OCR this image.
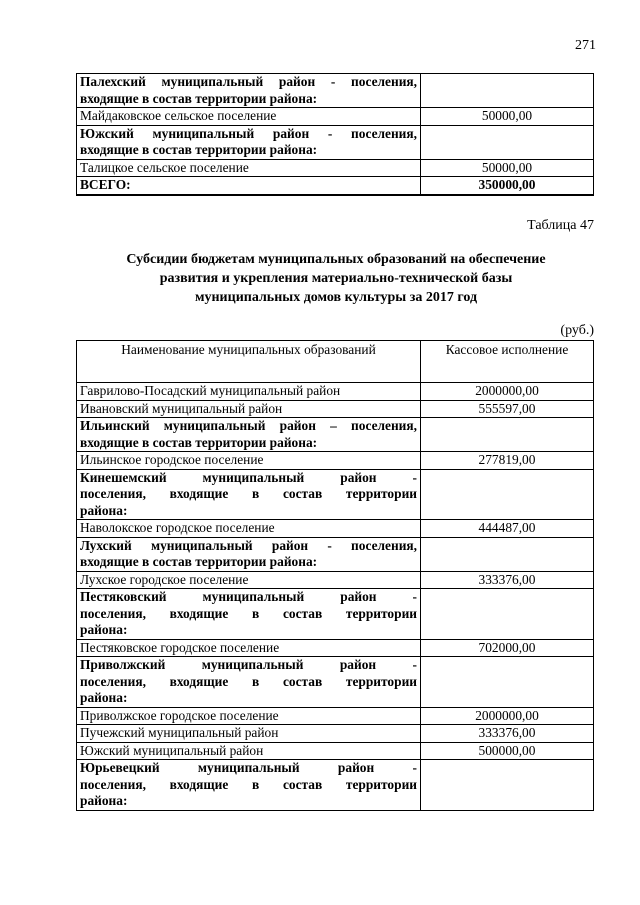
271
Палехский муниципальный район - поселения,
входящие в состав территории района:	

Майдаковское сельское поселение	50000,00

Южский муниципальный район - поселения,
входящие в состав территории района:	

Талицкое сельское поселение	50000,00
ВСЕГО:	350000,00
Таблица 47
Субсидии бюджетам муниципальных образований на обеспечение
развития и укрепления материально-технической базы
муниципальных домов культуры за 2017 год
(руб.)
Наименование муниципальных образований	Кассовое исполнение
Гаврилово-Посадский муниципальный район	2000000,00
Ивановский муниципальный район	555597,00

Ильинский муниципальный район – поселения,
входящие в состав территории района:	

Ильинское городское поселение	277819,00

Кинешемский муниципальный район -
поселения, входящие в состав территории
района:	

Наволокское городское поселение	444487,00

Лухский муниципальный район - поселения,
входящие в состав территории района:	

Лухское городское поселение	333376,00

Пестяковский муниципальный район -
поселения, входящие в состав территории
района:	

Пестяковское городское поселение	702000,00

Приволжский муниципальный район -
поселения, входящие в состав территории
района:	

Приволжское городское поселение	2000000,00
Пучежский муниципальный район	333376,00
Южский муниципальный район	500000,00

Юрьевецкий муниципальный район -
поселения, входящие в состав территории
района:	
